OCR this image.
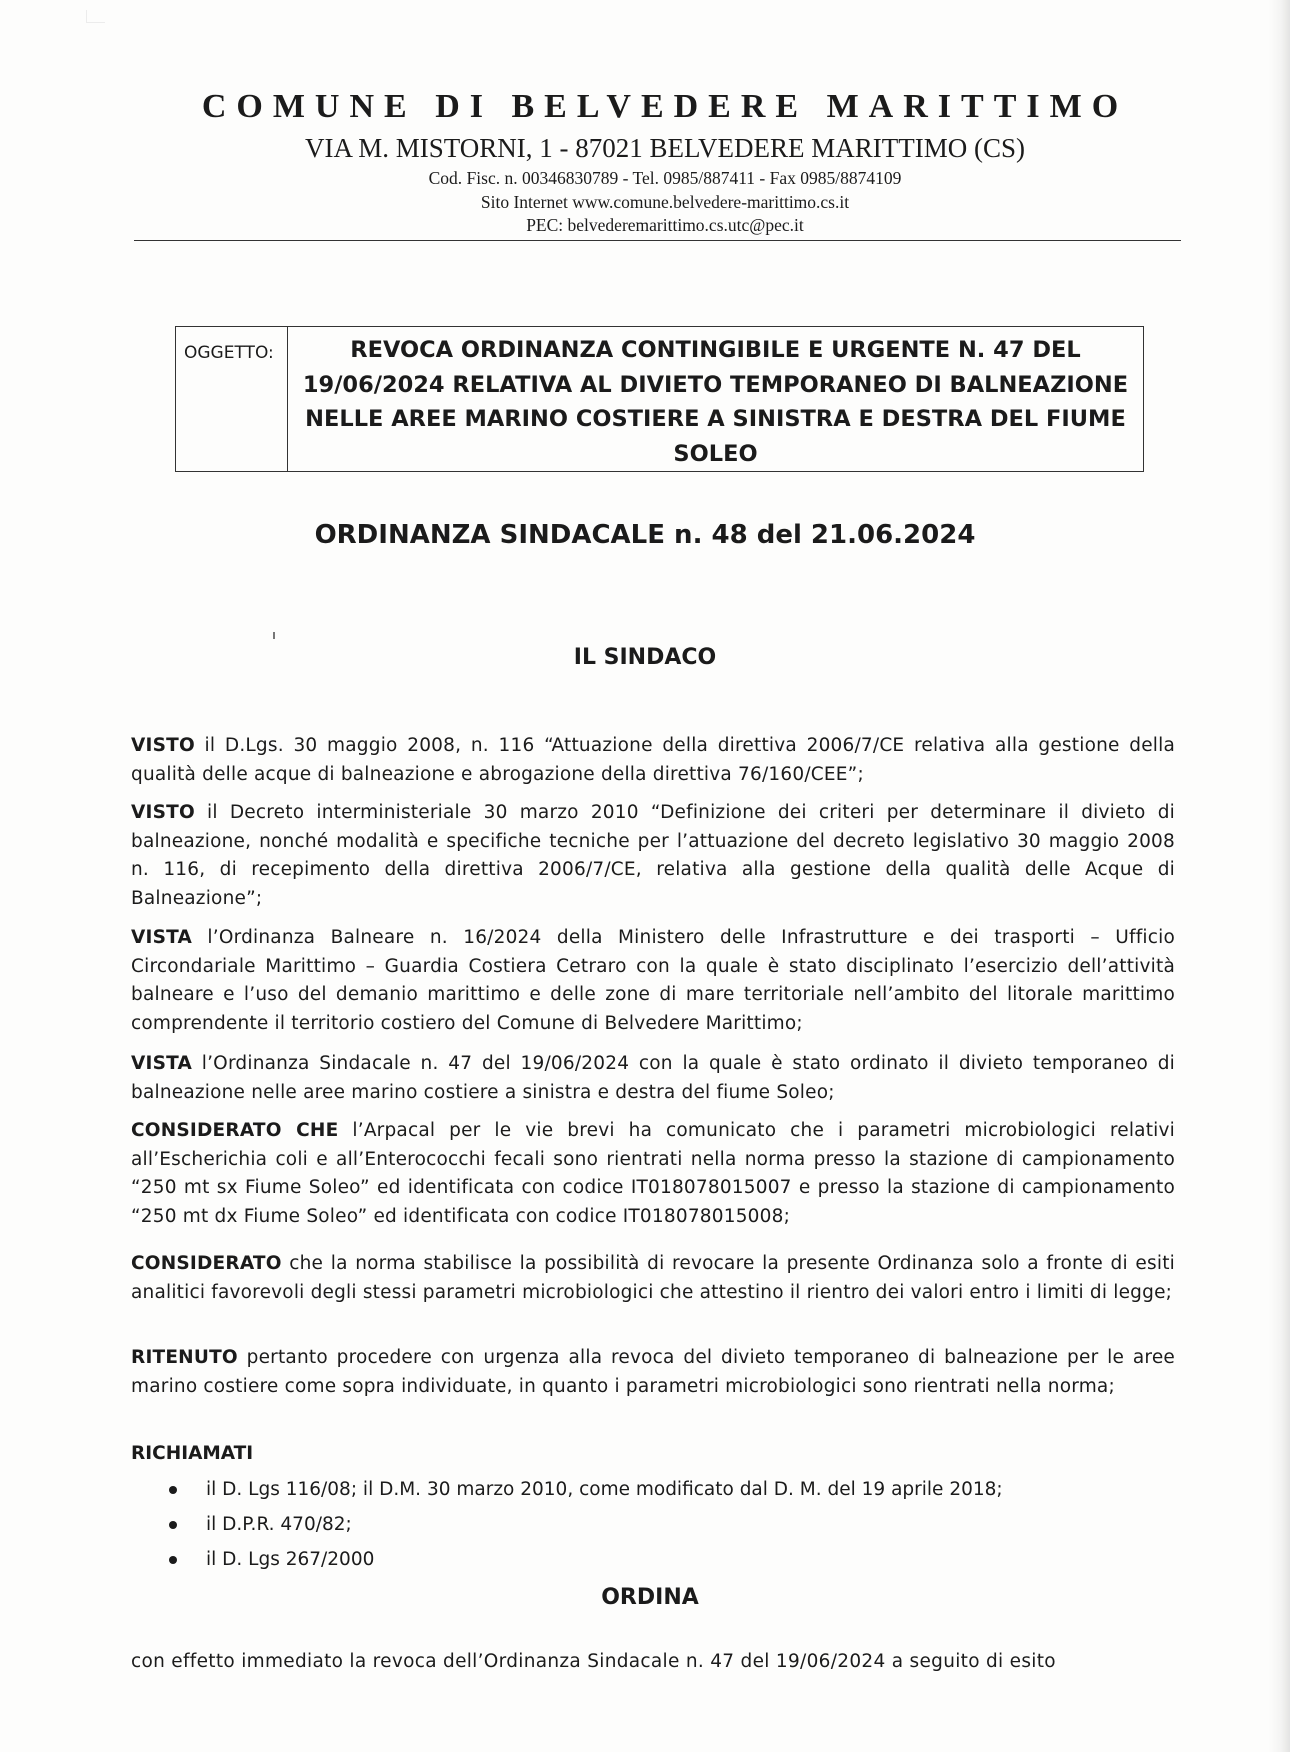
COMUNE DI BELVEDERE MARITTIMO
VIA M. MISTORNI, 1 - 87021 BELVEDERE MARITTIMO (CS)
Cod. Fisc. n. 00346830789 - Tel. 0985/887411 - Fax 0985/8874109
Sito Internet www.comune.belvedere-marittimo.cs.it
PEC: belvederemarittimo.cs.utc@pec.it
OGGETTO:	REVOCA ORDINANZA CONTINGIBILE E URGENTE N. 47 DEL
19/06/2024 RELATIVA AL DIVIETO TEMPORANEO DI BALNEAZIONE
NELLE AREE MARINO COSTIERE A SINISTRA E DESTRA DEL FIUME
SOLEO
ORDINANZA SINDACALE n. 48 del 21.06.2024
IL SINDACO
VISTO il D.Lgs. 30 maggio 2008, n. 116 “Attuazione della direttiva 2006/7/CE relativa alla gestione della qualità delle acque di balneazione e abrogazione della direttiva 76/160/CEE”;
VISTO il Decreto interministeriale 30 marzo 2010 “Definizione dei criteri per determinare il divieto di balneazione, nonché modalità e specifiche tecniche per l’attuazione del decreto legislativo 30 maggio 2008 n. 116, di recepimento della direttiva 2006/7/CE, relativa alla gestione della qualità delle Acque di Balneazione”;
VISTA l’Ordinanza Balneare n. 16/2024 della Ministero delle Infrastrutture e dei trasporti – Ufficio Circondariale Marittimo – Guardia Costiera Cetraro con la quale è stato disciplinato l’esercizio dell’attività balneare e l’uso del demanio marittimo e delle zone di mare territoriale nell’ambito del litorale marittimo comprendente il territorio costiero del Comune di Belvedere Marittimo;
VISTA l’Ordinanza Sindacale n. 47 del 19/06/2024 con la quale è stato ordinato il divieto temporaneo di balneazione nelle aree marino costiere a sinistra e destra del fiume Soleo;
CONSIDERATO CHE l’Arpacal per le vie brevi ha comunicato che i parametri microbiologici relativi all’Escherichia coli e all’Enterococchi fecali sono rientrati nella norma presso la stazione di campionamento “250 mt sx Fiume Soleo” ed identificata con codice IT018078015007 e presso la stazione di campionamento “250 mt dx Fiume Soleo” ed identificata con codice IT018078015008;
CONSIDERATO che la norma stabilisce la possibilità di revocare la presente Ordinanza solo a fronte di esiti analitici favorevoli degli stessi parametri microbiologici che attestino il rientro dei valori entro i limiti di legge;
RITENUTO pertanto procedere con urgenza alla revoca del divieto temporaneo di balneazione per le aree marino costiere come sopra individuate, in quanto i parametri microbiologici sono rientrati nella norma;
RICHIAMATI
il D. Lgs 116/08; il D.M. 30 marzo 2010, come modificato dal D. M. del 19 aprile 2018;
il D.P.R. 470/82;
il D. Lgs 267/2000
ORDINA
con effetto immediato la revoca dell’Ordinanza Sindacale n. 47 del 19/06/2024 a seguito di esito
